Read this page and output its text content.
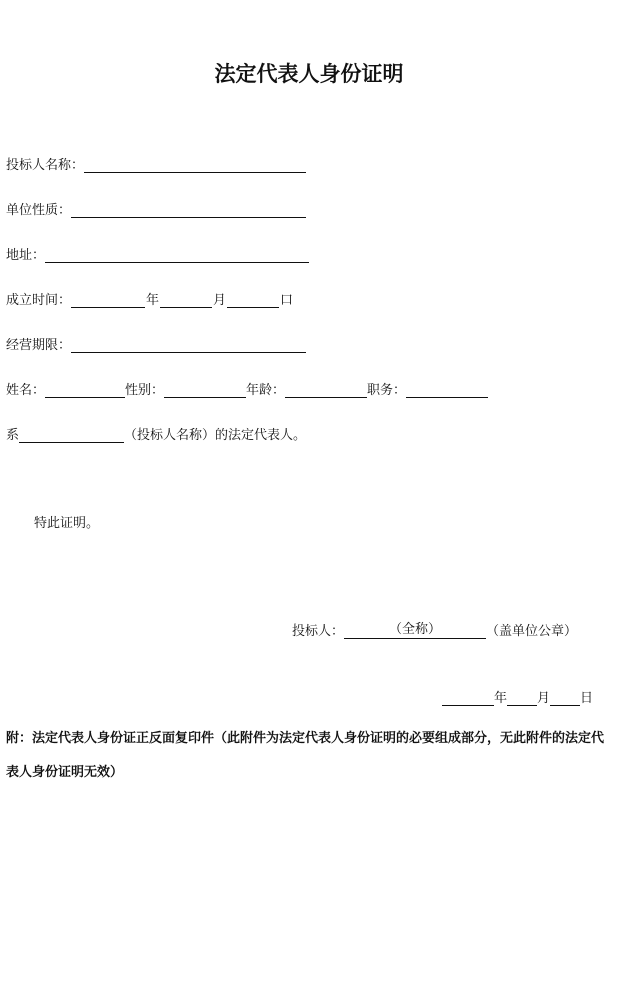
法定代表人身份证明
投标人名称：
单位性质：
地址：
成立时间：	年	月	口
经营期限：
姓名：	性别：	年龄：	职务：
系	（投标人名称）的法定代表人。
特此证明。
投标人：	（全称）	（盖单位公章）
年 月 日
附：法定代表人身份证正反面复印件（此附件为法定代表人身份证明的必要组成部分，无此附件的法定代表人身份证明无效）
